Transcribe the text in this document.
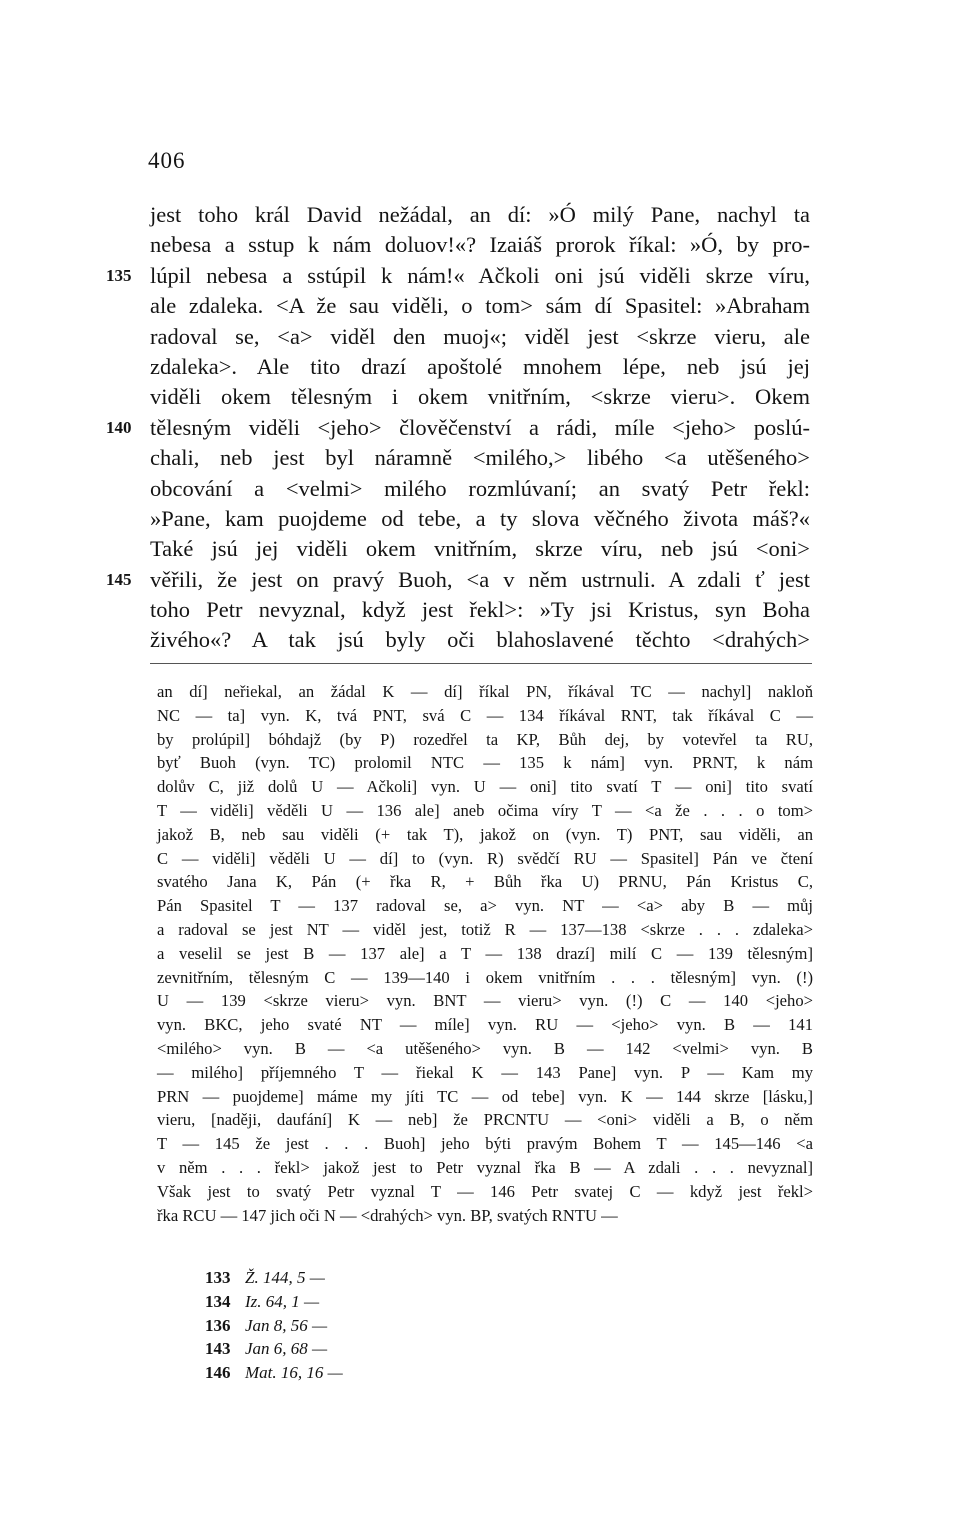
406
jest toho král David nežádal, an dí: »Ó milý Pane, nachyl ta
nebesa a sstup k nám doluov!«? Izaiáš prorok říkal: »Ó, by pro-
135 lúpil nebesa a sstúpil k nám!« Ačkoli oni jsú viděli skrze víru,
ale zdaleka. <A že sau viděli, o tom> sám dí Spasitel: »Abraham
radoval se, <a> viděl den muoj«; viděl jest <skrze vieru, ale
zdaleka>. Ale tito drazí apoštolé mnohem lépe, neb jsú jej
viděli okem tělesným i okem vnitřním, <skrze vieru>. Okem
140 tělesným viděli <jeho> člověčenství a rádi, míle <jeho> poslú-
chali, neb jest byl náramně <milého,> libého <a utěšeného>
obcování a <velmi> milého rozmlúvaní; an svatý Petr řekl:
»Pane, kam puojdeme od tebe, a ty slova věčného života máš?«
Také jsú jej viděli okem vnitřním, skrze víru, neb jsú <oni>
145 věřili, že jest on pravý Buoh, <a v něm ustrnuli. A zdali ť jest
toho Petr nevyznal, když jest řekl>: »Ty jsi Kristus, syn Boha
živého«? A tak jsú byly oči blahoslavené těchto <drahých>
an dí] neřiekal, an žádal K — dí] říkal PN, říkával TC — nachyl] nakloň
NC — ta] vyn. K, tvá PNT, svá C — 134 říkával RNT, tak říkával C —
by prolúpil] bóhdajž (by P) rozedřel ta KP, Bůh dej, by votevřel ta RU,
byť Buoh (vyn. TC) prolomil NTC — 135 k nám] vyn. PRNT, k nám
dolův C, již dolů U — Ačkoli] vyn. U — oni] tito svatí T — oni] tito svatí
T — viděli] věděli U — 136 ale] aneb očima víry T — <a že . . . o tom>
jakož B, neb sau viděli (+ tak T), jakož on (vyn. T) PNT, sau viděli, an
C — viděli] věděli U — dí] to (vyn. R) svědčí RU — Spasitel] Pán ve čtení
svatého Jana K, Pán (+ řka R, + Bůh řka U) PRNU, Pán Kristus C,
Pán Spasitel T — 137 radoval se, a> vyn. NT — <a> aby B — můj
a radoval se jest NT — viděl jest, totiž R — 137—138 <skrze . . . zdaleka>
a veselil se jest B — 137 ale] a T — 138 drazí] milí C — 139 tělesným]
zevnitřním, tělesným C — 139—140 i okem vnitřním . . . tělesným] vyn. (!)
U — 139 <skrze vieru> vyn. BNT — vieru> vyn. (!) C — 140 <jeho>
vyn. BKC, jeho svaté NT — míle] vyn. RU — <jeho> vyn. B — 141
<milého> vyn. B — <a utěšeného> vyn. B — 142 <velmi> vyn. B
— milého] příjemného T — řiekal K — 143 Pane] vyn. P — Kam my
PRN — puojdeme] máme my jíti TC — od tebe] vyn. K — 144 skrze [lásku,]
vieru, [naději, daufání] K — neb] že PRCNTU — <oni> viděli a B, o něm
T — 145 že jest . . . Buoh] jeho býti pravým Bohem T — 145—146 <a
v něm . . . řekl> jakož jest to Petr vyznal řka B — A zdali . . . nevyznal]
Však jest to svatý Petr vyznal T — 146 Petr svatej C — když jest řekl>
řka RCU — 147 jich oči N — <drahých> vyn. BP, svatých RNTU —
133 Ž. 144, 5 —
134 Iz. 64, 1 —
136 Jan 8, 56 —
143 Jan 6, 68 —
146 Mat. 16, 16 —
